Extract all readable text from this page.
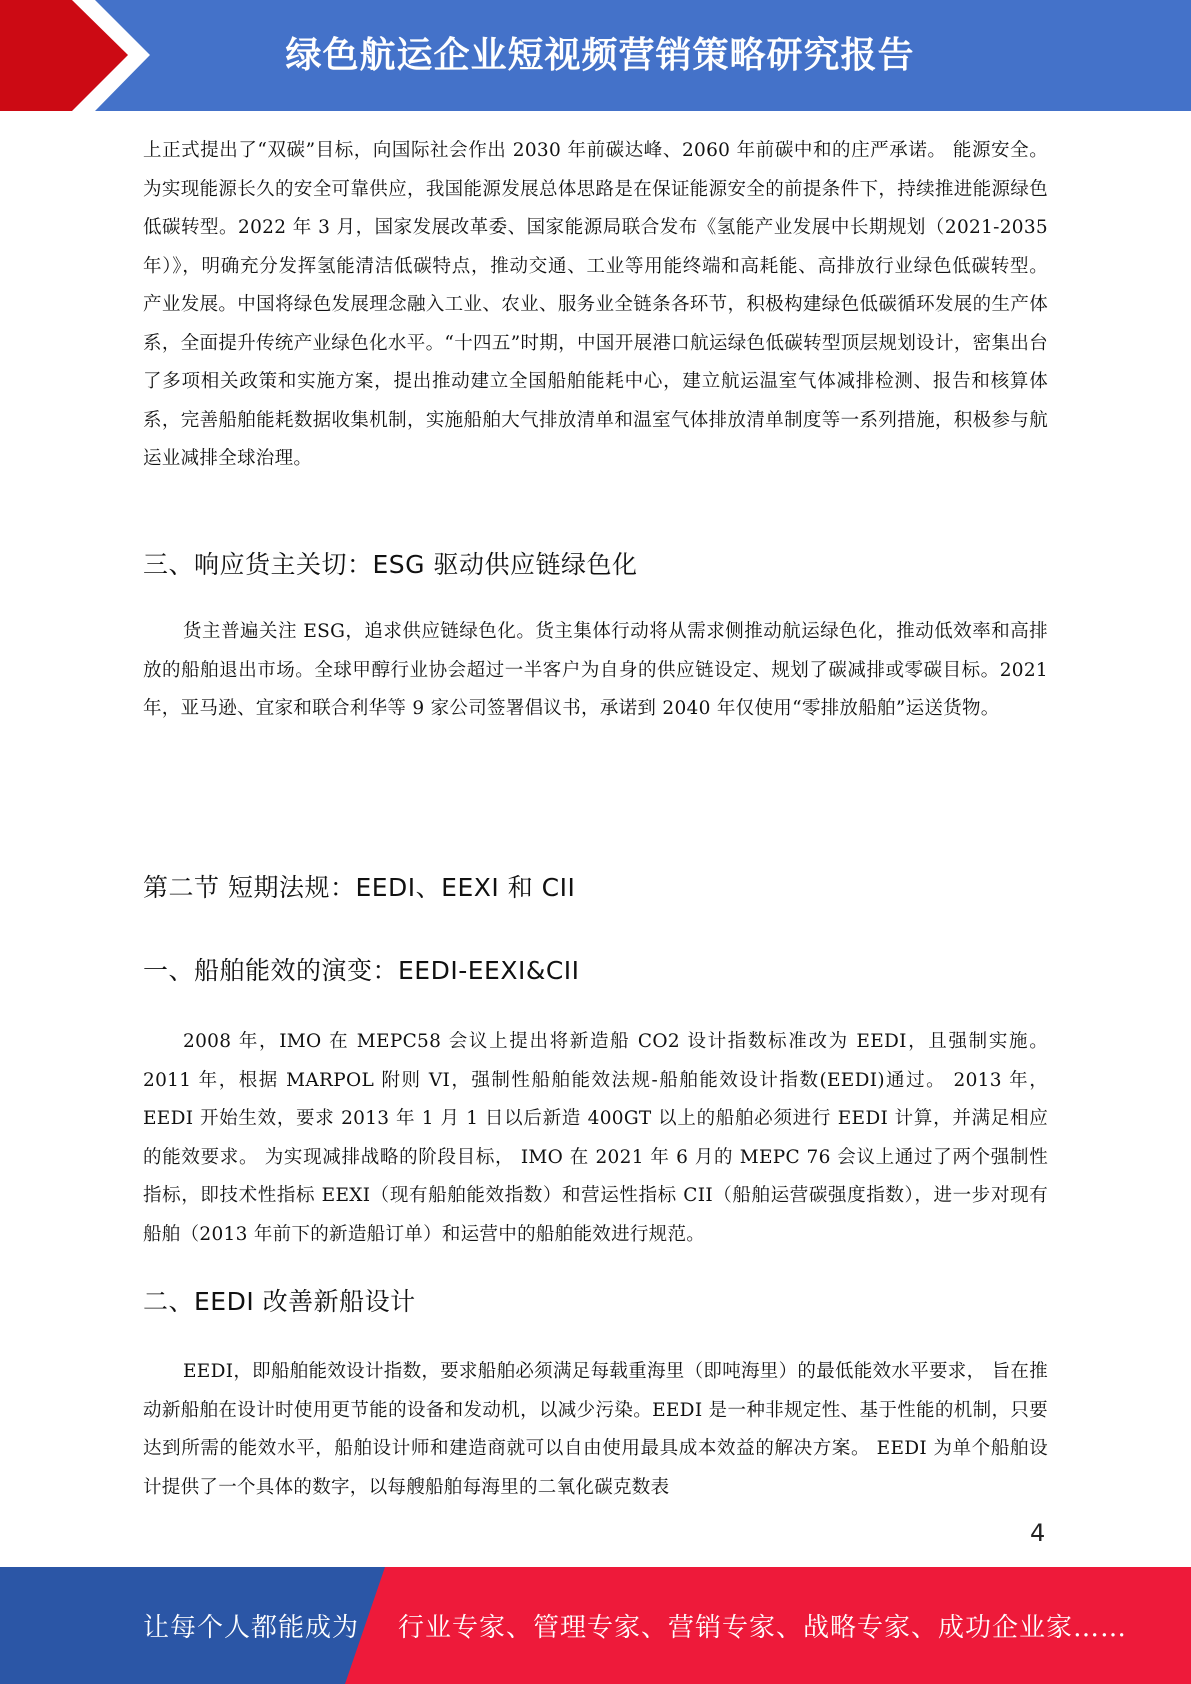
绿色航运企业短视频营销策略研究报告

上正式提出了“双碳”目标，向国际社会作出 2030 年前碳达峰、2060 年前碳中和的庄严承诺。 能源安全。为实现能源长久的安全可靠供应，我国能源发展总体思路是在保证能源安全的前提条件下，持续推进能源绿色低碳转型。2022 年 3 月，国家发展改革委、国家能源局联合发布《氢能产业发展中长期规划（2021-2035 年）》，明确充分发挥氢能清洁低碳特点，推动交通、工业等用能终端和高耗能、高排放行业绿色低碳转型。 产业发展。中国将绿色发展理念融入工业、农业、服务业全链条各环节，积极构建绿色低碳循环发展的生产体系，全面提升传统产业绿色化水平。“十四五”时期，中国开展港口航运绿色低碳转型顶层规划设计，密集出台了多项相关政策和实施方案，提出推动建立全国船舶能耗中心，建立航运温室气体减排检测、报告和核算体系，完善船舶能耗数据收集机制，实施船舶大气排放清单和温室气体排放清单制度等一系列措施，积极参与航运业减排全球治理。

三、响应货主关切：ESG 驱动供应链绿色化

货主普遍关注 ESG，追求供应链绿色化。货主集体行动将从需求侧推动航运绿色化，推动低效率和高排放的船舶退出市场。全球甲醇行业协会超过一半客户为自身的供应链设定、规划了碳减排或零碳目标。2021 年，亚马逊、宜家和联合利华等 9 家公司签署倡议书，承诺到 2040 年仅使用“零排放船舶”运送货物。

第二节 短期法规：EEDI、EEXI 和 CII
一、船舶能效的演变：EEDI-EEXI&CII

2008 年，IMO 在 MEPC58 会议上提出将新造船 CO2 设计指数标准改为 EEDI，且强制实施。2011 年，根据 MARPOL 附则 VI，强制性船舶能效法规-船舶能效设计指数(EEDI)通过。 2013 年，EEDI 开始生效，要求 2013 年 1 月 1 日以后新造 400GT 以上的船舶必须进行 EEDI 计算，并满足相应的能效要求。 为实现减排战略的阶段目标， IMO 在 2021 年 6 月的 MEPC 76 会议上通过了两个强制性指标，即技术性指标 EEXI（现有船舶能效指数）和营运性指标 CII（船舶运营碳强度指数），进一步对现有船舶（2013 年前下的新造船订单）和运营中的船舶能效进行规范。

二、EEDI 改善新船设计

EEDI，即船舶能效设计指数，要求船舶必须满足每载重海里（即吨海里）的最低能效水平要求， 旨在推动新船舶在设计时使用更节能的设备和发动机，以减少污染。EEDI 是一种非规定性、基于性能的机制，只要达到所需的能效水平，船舶设计师和建造商就可以自由使用最具成本效益的解决方案。 EEDI 为单个船舶设计提供了一个具体的数字，以每艘船舶每海里的二氧化碳克数表

4
让每个人都能成为 行业专家、管理专家、营销专家、战略专家、成功企业家……
